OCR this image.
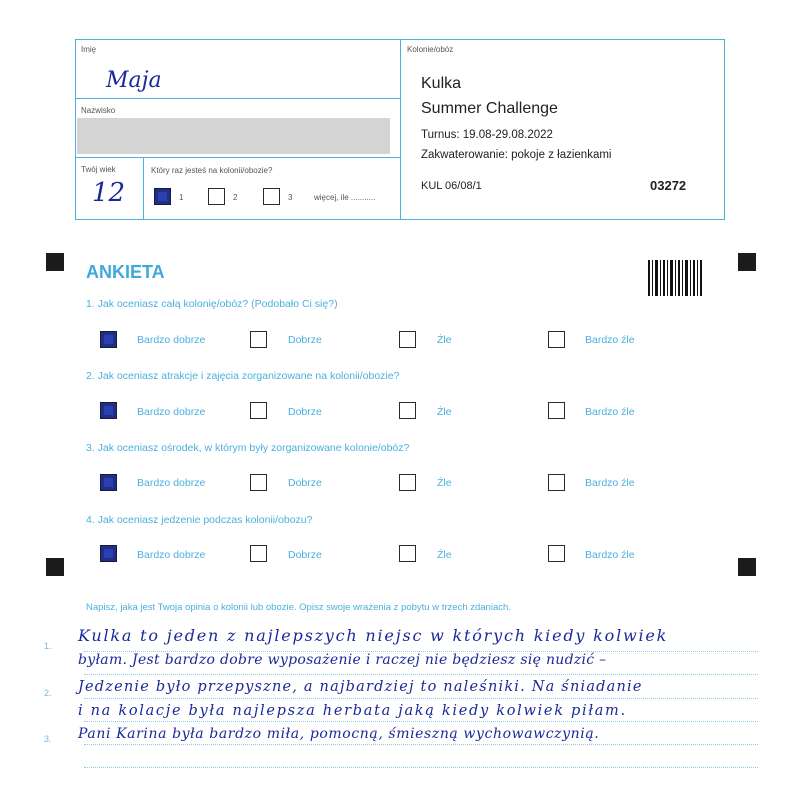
Imię
Maja
Nazwisko
Twój wiek
12
Który raz jesteś na kolonii/obozie?
1	2	3	więcej, ile ...........
Kolonie/obóz
Kulka
Summer Challenge
Turnus: 19.08-29.08.2022
Zakwaterowanie: pokoje z łazienkami
KUL 06/08/1	03272
ANKIETA
1. Jak oceniasz całą kolonię/obóz? (Podobało Ci się?)
Bardzo dobrze	Dobrze	Źle	Bardzo źle
2. Jak oceniasz atrakcje i zajęcia zorganizowane na kolonii/obozie?
Bardzo dobrze	Dobrze	Źle	Bardzo źle
3. Jak oceniasz ośrodek, w którym były zorganizowane kolonie/obóz?
Bardzo dobrze	Dobrze	Źle	Bardzo źle
4. Jak oceniasz jedzenie podczas kolonii/obozu?
Bardzo dobrze	Dobrze	Źle	Bardzo źle
Napisz, jaka jest Twoja opinia o kolonii lub obozie. Opisz swoje wrażenia z pobytu w trzech zdaniach.
1.
2.
3.
Kulka to jeden z najlepszych niejsc w których kiedy kolwiek
byłam. Jest bardzo dobre wyposażenie i raczej nie będziesz się nudzić –
Jedzenie było przepyszne, a najbardziej to naleśniki. Na śniadanie
i na kolacje była najlepsza herbata jaką kiedy kolwiek piłam.
Pani Karina była bardzo miła, pomocną, śmieszną wychowawczynią.
